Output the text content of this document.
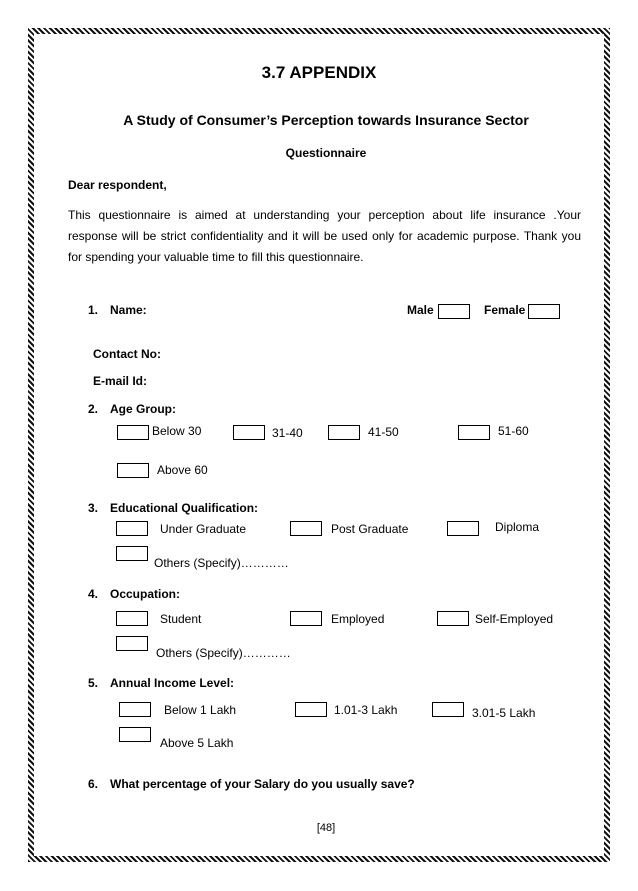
3.7 APPENDIX
A Study of Consumer’s Perception towards Insurance Sector
Questionnaire
Dear respondent,
This questionnaire is aimed at understanding your perception about life insurance .Your response will be strict confidentiality and it will be used only for academic purpose. Thank you for spending your valuable time to fill this questionnaire.
1. Name:	Male	Female
Contact No:
E-mail Id:
2. Age Group:
Below 30	31-40	41-50	51-60
Above 60
3. Educational Qualification:
Under Graduate	Post Graduate	Diploma
Others (Specify)…………
4. Occupation:
Student	Employed	Self-Employed
Others (Specify)…………
5. Annual Income Level:
Below 1 Lakh	1.01-3 Lakh	3.01-5 Lakh
Above 5 Lakh
6. What percentage of your Salary do you usually save?
[48]
